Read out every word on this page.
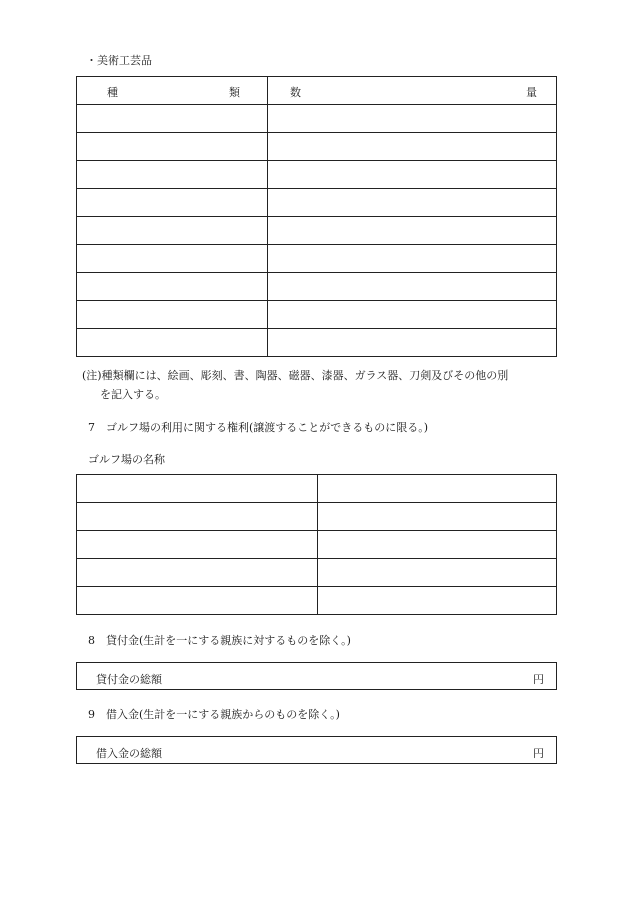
・美術工芸品
種 類	数 量

(注)種類欄には、絵画、彫刻、書、陶器、磁器、漆器、ガラス器、刀剣及びその他の別
を記入する。
7　ゴルフ場の利用に関する権利(譲渡することができるものに限る。)
ゴルフ場の名称

8　貸付金(生計を一にする親族に対するものを除く。)
貸付金の総額	円
9　借入金(生計を一にする親族からのものを除く。)
借入金の総額	円
